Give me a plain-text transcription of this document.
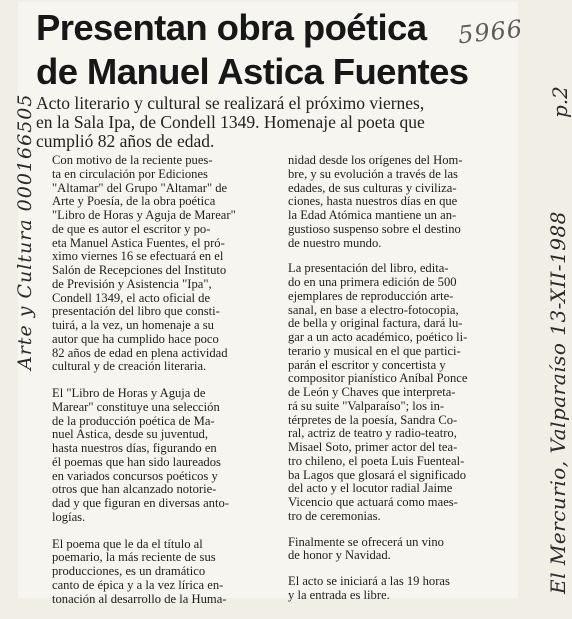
Presentan obra poética
de Manuel Astica Fuentes

Acto literario y cultural se realizará el próximo viernes,
en la Sala Ipa, de Condell 1349. Homenaje al poeta que
cumplió 82 años de edad.

Con motivo de la reciente pues-
ta en circulación por Ediciones
"Altamar" del Grupo "Altamar" de
Arte y Poesía, de la obra poética
"Libro de Horas y Aguja de Marear"
de que es autor el escritor y po-
eta Manuel Astica Fuentes, el pró-
ximo viernes 16 se efectuará en el
Salón de Recepciones del Instituto
de Previsión y Asistencia "Ipa",
Condell 1349, el acto oficial de
presentación del libro que consti-
tuirá, a la vez, un homenaje a su
autor que ha cumplido hace poco
82 años de edad en plena actividad
cultural y de creación literaria.

El "Libro de Horas y Aguja de
Marear" constituye una selección
de la producción poética de Ma-
nuel Astica, desde su juventud,
hasta nuestros días, figurando en
él poemas que han sido laureados
en variados concursos poéticos y
otros que han alcanzado notorie-
dad y que figuran en diversas anto-
logías.

El poema que le da el título al
poemario, la más reciente de sus
producciones, es un dramático
canto de épica y a la vez lírica en-
tonación al desarrollo de la Huma-

nidad desde los orígenes del Hom-
bre, y su evolución a través de las
edades, de sus culturas y civiliza-
ciones, hasta nuestros días en que
la Edad Atómica mantiene un an-
gustioso suspenso sobre el destino
de nuestro mundo.

La presentación del libro, edita-
do en una primera edición de 500
ejemplares de reproducción arte-
sanal, en base a electro-fotocopia,
de bella y original factura, dará lu-
gar a un acto académico, poético li-
terario y musical en el que partici-
parán el escritor y concertista y
compositor pianístico Aníbal Ponce
de León y Chaves que interpreta-
rá su suite "Valparaíso"; los in-
térpretes de la poesía, Sandra Co-
ral, actriz de teatro y radio-teatro,
Misael Soto, primer actor del tea-
tro chileno, el poeta Luis Fuenteal-
ba Lagos que glosará el significado
del acto y el locutor radial Jaime
Vicencio que actuará como maes-
tro de ceremonias.

Finalmente se ofrecerá un vino
de honor y Navidad.

El acto se iniciará a las 19 horas
y la entrada es libre.

5966
Arte y Cultura 000166505	El Mercurio, Valparaíso 13-XII-1988
p.2
